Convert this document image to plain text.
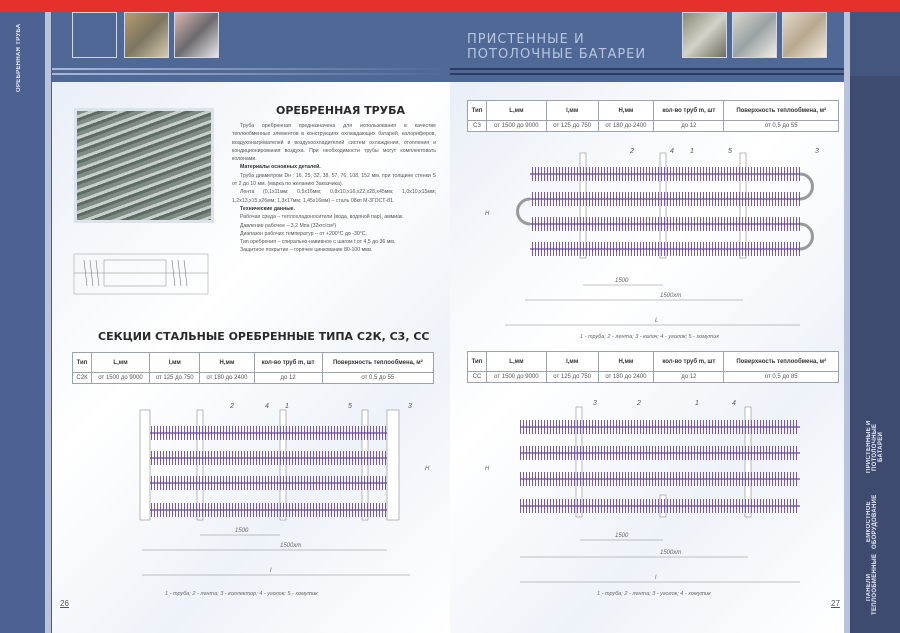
ОРЕБРЕННАЯ ТРУБА
ПРИСТЕННЫЕ И ПОТОЛОЧНЫЕ БАТАРЕИ
ЕМКОСТНОЕ ОБОРУДОВАНИЕ
ПАНЕЛИ ТЕПЛООБМЕННЫЕ
ПРИСТЕННЫЕ И
ПОТОЛОЧНЫЕ БАТАРЕИ
ОРЕБРЕННАЯ ТРУБА

Труба оребренная предназначена для использования в качестве теплообменных элементов в конструкциях охлаждающих батарей, калориферов, воздухонагревателей и воздухоохладителей систем охлаждения, отопления и кондиционирования воздуха. При необходимости трубы могут комплектовать колонами.

Материалы основных деталей.

Труба диаметром Dн : 16, 25, 32, 38, 57, 76, 108, 152 мм. при толщине стенки S от 2 до 10 мм. (марка по желанию Заказчика).

Лента (0,1х11мм; 0,5х16мм; 0,8х10,х16,х22,х28,х45мм; 1,0х10,х15мм; 1,2х13,х15,х26мм; 1,3х17мм; 1,45х16мм) – сталь 08кп М-3ГОСТ-81.

Технические данные.

Рабочая среда – теплохладоносители (вода, водяной пар), аммиак.

Давление рабочее – 3,2 Мпа (32кгс/см²)

Диапазон рабочих температур – от +200°С до -30°С.

Тип оребрения – спирально-навивное с шагом t от 4,5 до 36 мм.

Защитное покрытие – горячее цинкование 80-100 мкм.

СЕКЦИИ СТАЛЬНЫЕ ОРЕБРЕННЫЕ ТИПА С2К, С3, СС
Тип	L,мм	l,мм	H,мм	кол-во труб m, шт	Поверхность теплообмена, м²
С2К	от 1500 до 9000	от 125 до 750	от 180 до 2400	до 12	от 0,5 до 55
Тип	L,мм	l,мм	H,мм	кол-во труб m, шт	Поверхность теплообмена, м²
С3	от 1500 до 9000	от 125 до 750	от 180 до 2400	до 12	от 0,5 до 55
Тип	L,мм	l,мм	H,мм	кол-во труб m, шт	Поверхность теплообмена, м²
СС	от 1500 до 9000	от 125 до 750	от 180 до 2400	до 12	от 0,5 до 85
1500
1500хm
l
H
2	4 1	5	3
1 - труба; 2 - лента; 3 - коллектор; 4 - уголок; 5 - хомутик
26
1500
1500хm
L
H
2	4 1	5	3
1 - труба; 2 - лента; 3 - калач; 4 - уголок; 5 - хомутик
1500
1500хm
l
H
3	2	1	4
1 - труба; 2 - лента; 3 - уголок; 4 - хомутик
27
